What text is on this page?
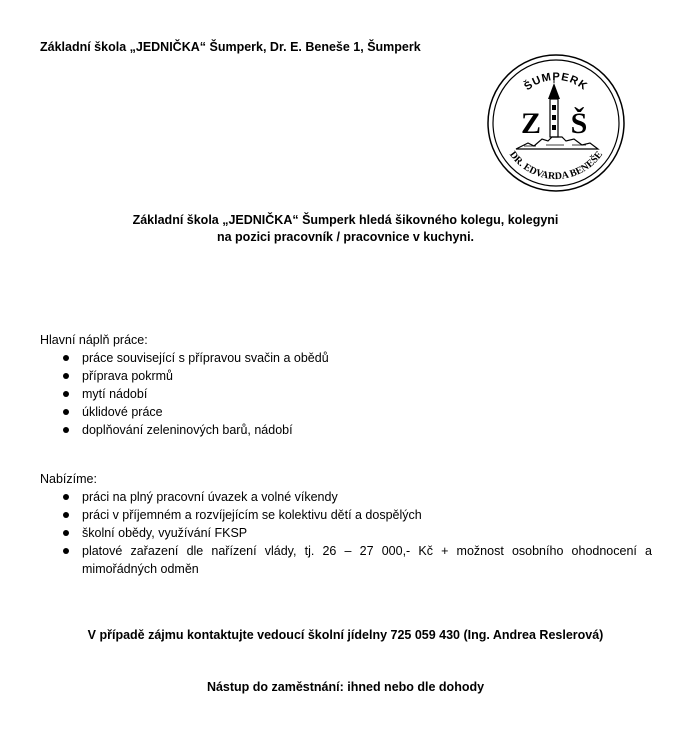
Základní škola „JEDNIČKA“ Šumperk, Dr. E. Beneše 1, Šumperk
ŠUMPERK
DR. EDVARDA BENEŠE
Z Š
Základní škola „JEDNIČKA“ Šumperk hledá šikovného kolegu, kolegyni
na pozici pracovník / pracovnice v kuchyni.
Hlavní náplň práce:
práce související s přípravou svačin a obědů
příprava pokrmů
mytí nádobí
úklidové práce
doplňování zeleninových barů, nádobí
Nabízíme:
práci na plný pracovní úvazek a volné víkendy
práci v příjemném a rozvíjejícím se kolektivu dětí a dospělých
školní obědy, využívání FKSP
platové zařazení dle nařízení vlády, tj. 26 – 27 000,- Kč + možnost osobního ohodnocení a mimořádných odměn
V případě zájmu kontaktujte vedoucí školní jídelny 725 059 430 (Ing. Andrea Reslerová)
Nástup do zaměstnání: ihned nebo dle dohody
